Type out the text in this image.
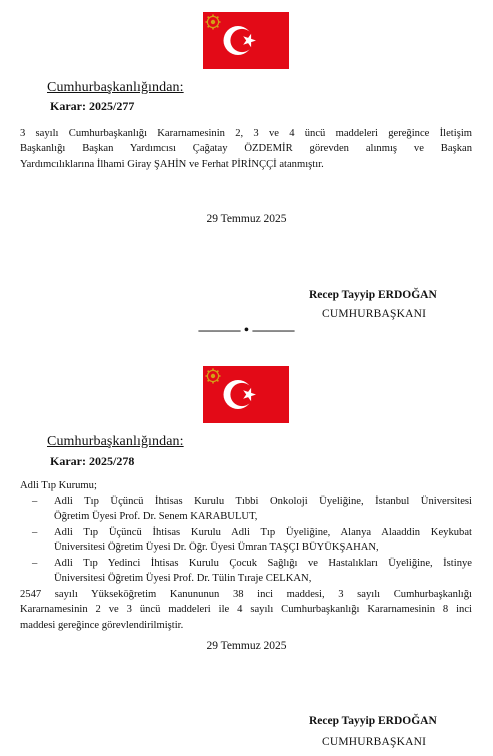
Cumhurbaşkanlığından:
Karar: 2025/277
3 sayılı Cumhurbaşkanlığı Kararnamesinin 2, 3 ve 4 üncü maddeleri gereğince İletişim
Başkanlığı Başkan Yardımcısı Çağatay ÖZDEMİR görevden alınmış ve Başkan
Yardımcılıklarına İlhami Giray ŞAHİN ve Ferhat PİRİNÇÇİ atanmıştır.
29 Temmuz 2025
Recep Tayyip ERDOĞAN
CUMHURBAŞKANI
——— • ———
Cumhurbaşkanlığından:
Karar: 2025/278
Adli Tıp Kurumu;
– Adli Tıp Üçüncü İhtisas Kurulu Tıbbi Onkoloji Üyeliğine, İstanbul Üniversitesi
Öğretim Üyesi Prof. Dr. Senem KARABULUT,
– Adli Tıp Üçüncü İhtisas Kurulu Adli Tıp Üyeliğine, Alanya Alaaddin Keykubat
Üniversitesi Öğretim Üyesi Dr. Öğr. Üyesi Ümran TAŞÇI BÜYÜKŞAHAN,
– Adli Tıp Yedinci İhtisas Kurulu Çocuk Sağlığı ve Hastalıkları Üyeliğine, İstinye
Üniversitesi Öğretim Üyesi Prof. Dr. Tülin Tıraje CELKAN,
2547 sayılı Yükseköğretim Kanununun 38 inci maddesi, 3 sayılı Cumhurbaşkanlığı
Kararnamesinin 2 ve 3 üncü maddeleri ile 4 sayılı Cumhurbaşkanlığı Kararnamesinin 8 inci
maddesi gereğince görevlendirilmiştir.
29 Temmuz 2025
Recep Tayyip ERDOĞAN
CUMHURBAŞKANI
